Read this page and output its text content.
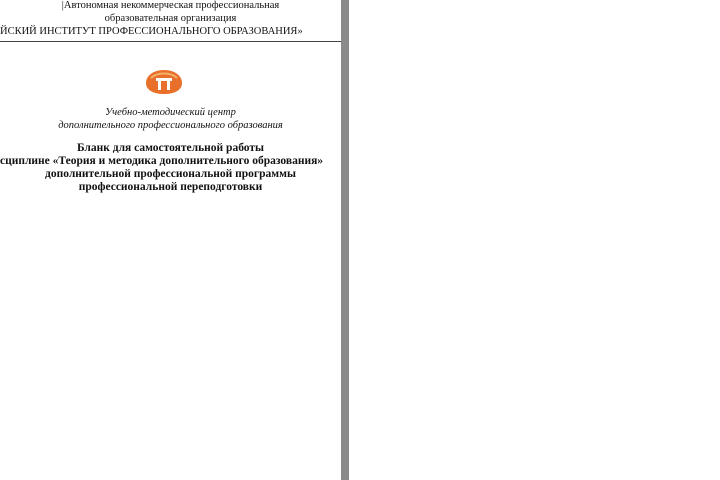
|Автономная некоммерческая профессиональная
образовательная организация
ЙСКИЙ ИНСТИТУТ ПРОФЕССИОНАЛЬНОГО ОБРАЗОВАНИЯ»
Учебно-методический центр
дополнительного профессионального образования
Бланк для самостоятельной работы
сциплине «Теория и методика дополнительного образования»
дополнительной профессиональной программы
профессиональной переподготовки
